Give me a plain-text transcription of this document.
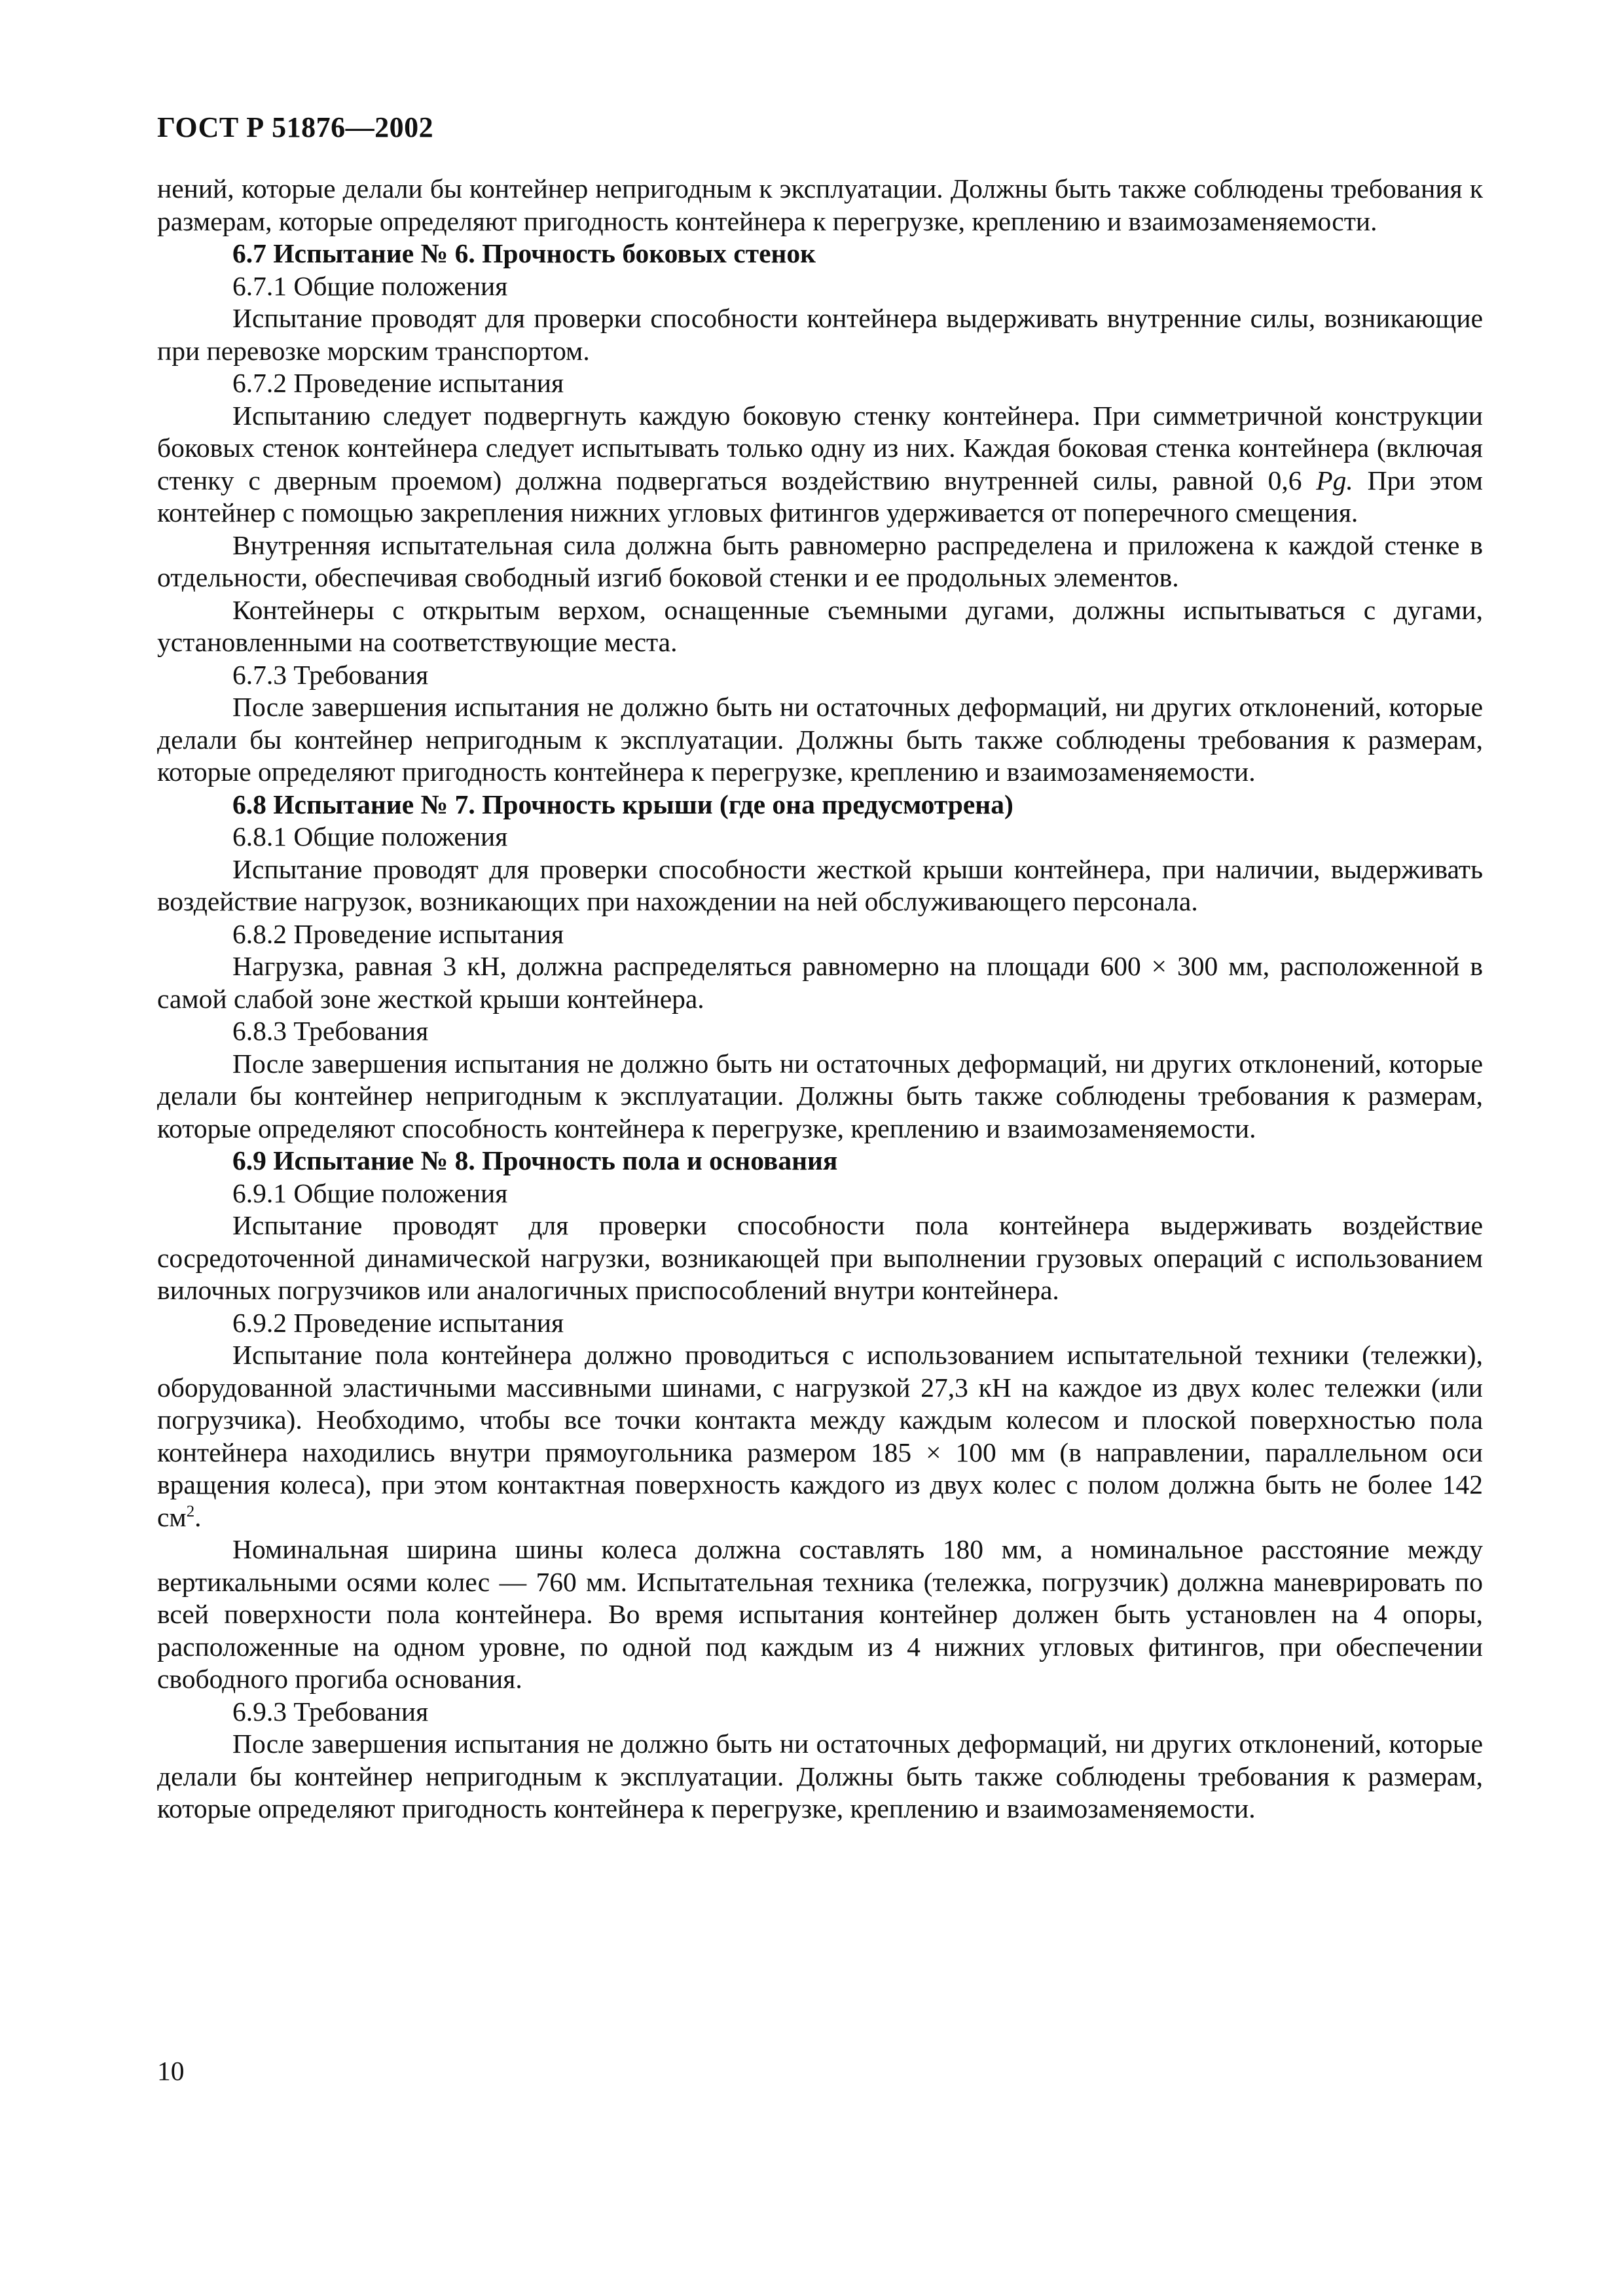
ГОСТ Р 51876—2002

нений, которые делали бы контейнер непригодным к эксплуатации. Должны быть также соблюдены требования к размерам, которые определяют пригодность контейнера к перегрузке, креплению и взаимозаменяемости.

6.7 Испытание № 6. Прочность боковых стенок

6.7.1 Общие положения

Испытание проводят для проверки способности контейнера выдерживать внутренние силы, возникающие при перевозке морским транспортом.

6.7.2 Проведение испытания

Испытанию следует подвергнуть каждую боковую стенку контейнера. При симметричной конструкции боковых стенок контейнера следует испытывать только одну из них. Каждая боковая стенка контейнера (включая стенку с дверным проемом) должна подвергаться воздействию внутренней силы, равной 0,6 Pg. При этом контейнер с помощью закрепления нижних угловых фитингов удерживается от поперечного смещения.

Внутренняя испытательная сила должна быть равномерно распределена и приложена к каждой стенке в отдельности, обеспечивая свободный изгиб боковой стенки и ее продольных элементов.

Контейнеры с открытым верхом, оснащенные съемными дугами, должны испытываться с дугами, установленными на соответствующие места.

6.7.3 Требования

После завершения испытания не должно быть ни остаточных деформаций, ни других отклонений, которые делали бы контейнер непригодным к эксплуатации. Должны быть также соблюдены требования к размерам, которые определяют пригодность контейнера к перегрузке, креплению и взаимозаменяемости.

6.8 Испытание № 7. Прочность крыши (где она предусмотрена)

6.8.1 Общие положения

Испытание проводят для проверки способности жесткой крыши контейнера, при наличии, выдерживать воздействие нагрузок, возникающих при нахождении на ней обслуживающего персонала.

6.8.2 Проведение испытания

Нагрузка, равная 3 кН, должна распределяться равномерно на площади 600 × 300 мм, расположенной в самой слабой зоне жесткой крыши контейнера.

6.8.3 Требования

После завершения испытания не должно быть ни остаточных деформаций, ни других отклонений, которые делали бы контейнер непригодным к эксплуатации. Должны быть также соблюдены требования к размерам, которые определяют способность контейнера к перегрузке, креплению и взаимозаменяемости.

6.9 Испытание № 8. Прочность пола и основания

6.9.1 Общие положения

Испытание проводят для проверки способности пола контейнера выдерживать воздействие сосредоточенной динамической нагрузки, возникающей при выполнении грузовых операций с использованием вилочных погрузчиков или аналогичных приспособлений внутри контейнера.

6.9.2 Проведение испытания

Испытание пола контейнера должно проводиться с использованием испытательной техники (тележки), оборудованной эластичными массивными шинами, с нагрузкой 27,3 кН на каждое из двух колес тележки (или погрузчика). Необходимо, чтобы все точки контакта между каждым колесом и плоской поверхностью пола контейнера находились внутри прямоугольника размером 185 × 100 мм (в направлении, параллельном оси вращения колеса), при этом контактная поверхность каждого из двух колес с полом должна быть не более 142 $см^2$.

Номинальная ширина шины колеса должна составлять 180 мм, а номинальное расстояние между вертикальными осями колес — 760 мм. Испытательная техника (тележка, погрузчик) должна маневрировать по всей поверхности пола контейнера. Во время испытания контейнер должен быть установлен на 4 опоры, расположенные на одном уровне, по одной под каждым из 4 нижних угловых фитингов, при обеспечении свободного прогиба основания.

6.9.3 Требования

После завершения испытания не должно быть ни остаточных деформаций, ни других отклонений, которые делали бы контейнер непригодным к эксплуатации. Должны быть также соблюдены требования к размерам, которые определяют пригодность контейнера к перегрузке, креплению и взаимозаменяемости.

10
